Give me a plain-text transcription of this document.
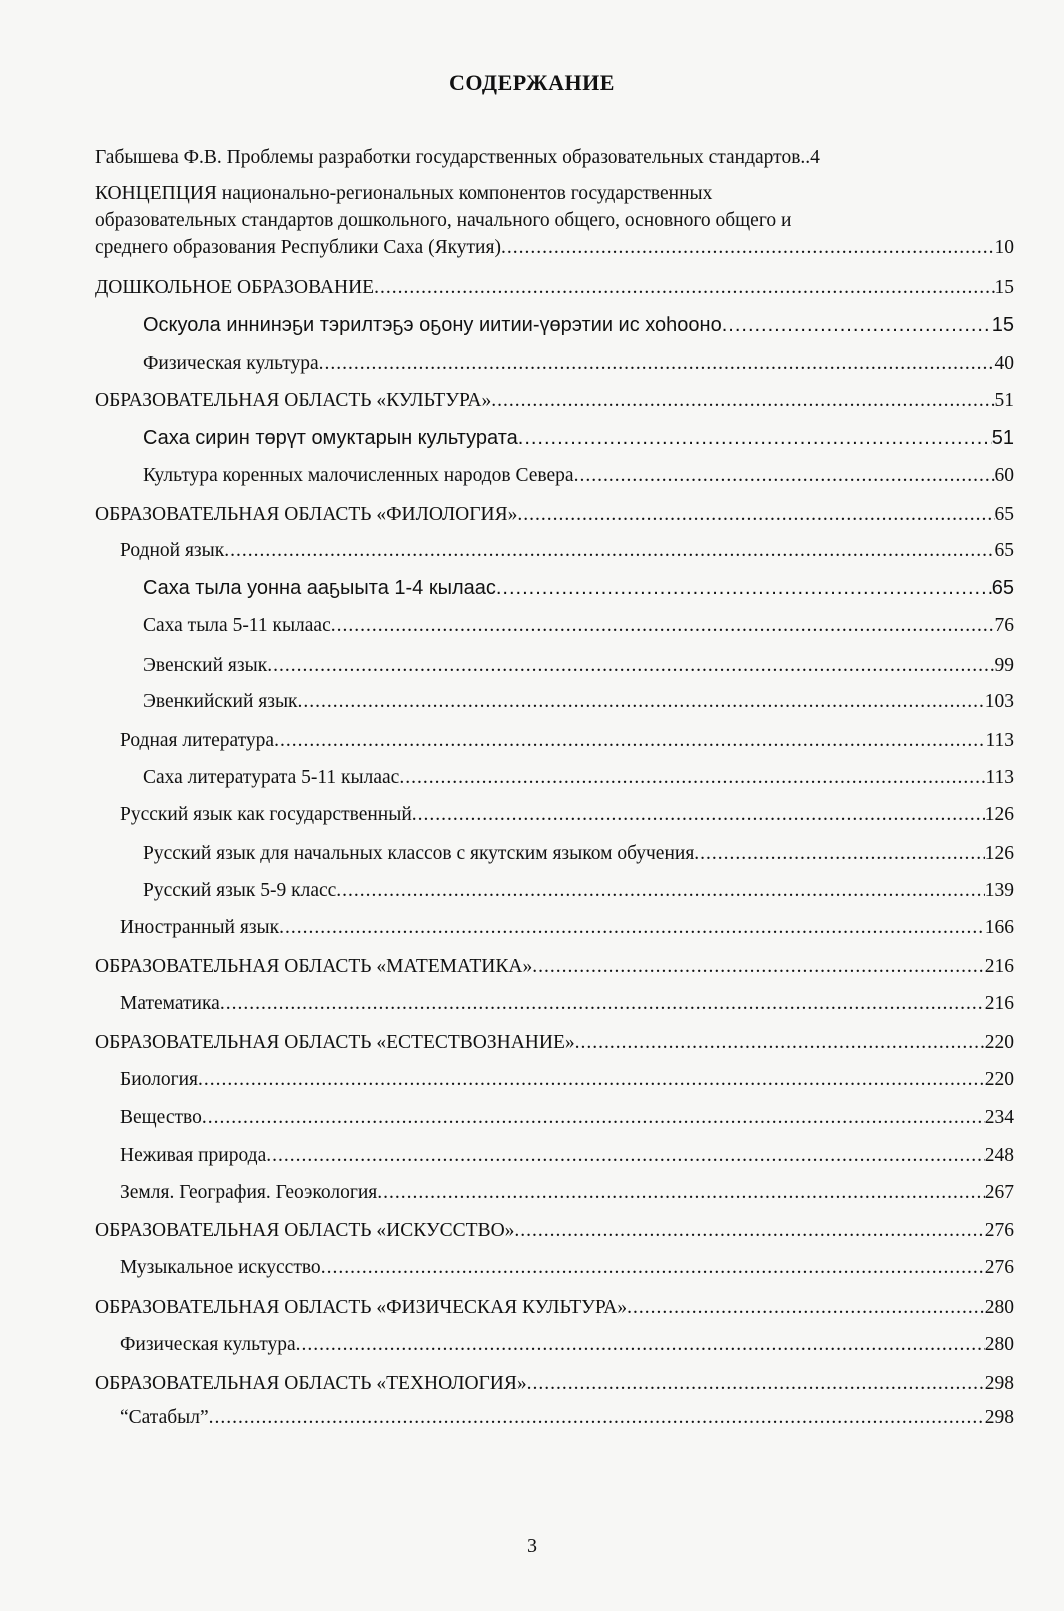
СОДЕРЖАНИЕ
Габышева Ф.В. Проблемы разработки государственных образовательных стандартов.. 4
КОНЦЕПЦИЯ национально-региональных компонентов государственных
образовательных стандартов дошкольного, начального общего, основного общего и
среднего образования Республики Саха (Якутия) .....	10
ДОШКОЛЬНОЕ ОБРАЗОВАНИЕ .....	15
Оскуола иннинэҕи тэрилтэҕэ оҕону иитии-үөрэтии ис хоһооно .....	15
Физическая культура .....	40
ОБРАЗОВАТЕЛЬНАЯ ОБЛАСТЬ «КУЛЬТУРА» .....	51
Саха сирин төрүт омуктарын культурата .....	51
Культура коренных малочисленных народов Севера .....	60
ОБРАЗОВАТЕЛЬНАЯ ОБЛАСТЬ «ФИЛОЛОГИЯ» .....	65
Родной язык .....	65
Саха тыла уонна ааҕыыта 1-4 кылаас .....	65
Саха тыла 5-11 кылаас .....	76
Эвенский язык .....	99
Эвенкийский язык .....	103
Родная литература .....	113
Саха литературата 5-11 кылаас .....	113
Русский язык как государственный .....	126
Русский язык для начальных классов с якутским языком обучения .....	126
Русский язык 5-9 класс .....	139
Иностранный язык .....	166
ОБРАЗОВАТЕЛЬНАЯ ОБЛАСТЬ «МАТЕМАТИКА» .....	216
Математика .....	216
ОБРАЗОВАТЕЛЬНАЯ ОБЛАСТЬ «ЕСТЕСТВОЗНАНИЕ» .....	220
Биология .....	220
Вещество .....	234
Неживая природа .....	248
Земля. География. Геоэкология .....	267
ОБРАЗОВАТЕЛЬНАЯ ОБЛАСТЬ «ИСКУССТВО» .....	276
Музыкальное искусство .....	276
ОБРАЗОВАТЕЛЬНАЯ ОБЛАСТЬ «ФИЗИЧЕСКАЯ КУЛЬТУРА» .....	280
Физическая культура .....	280
ОБРАЗОВАТЕЛЬНАЯ ОБЛАСТЬ «ТЕХНОЛОГИЯ» .....	298
“Сатабыл” .....	298
3
